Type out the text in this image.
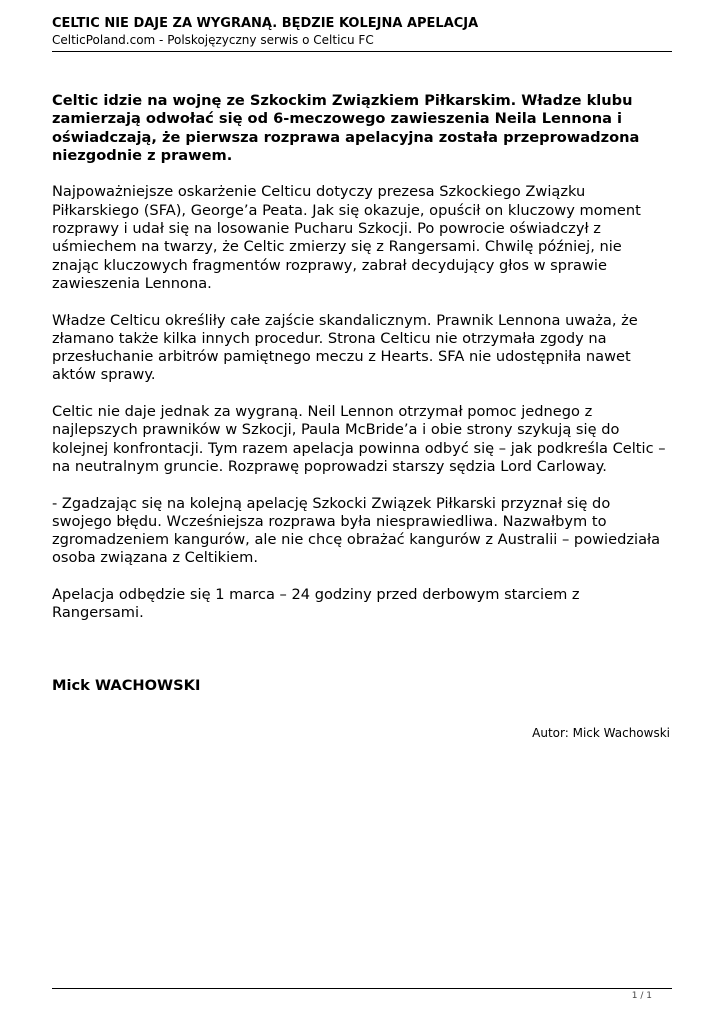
CELTIC NIE DAJE ZA WYGRANĄ. BĘDZIE KOLEJNA APELACJA
CelticPoland.com - Polskojęzyczny serwis o Celticu FC

Celtic idzie na wojnę ze Szkockim Związkiem Piłkarskim. Władze klubu zamierzają odwołać się od 6-meczowego zawieszenia Neila Lennona i oświadczają, że pierwsza rozprawa apelacyjna została przeprowadzona niezgodnie z prawem.

Najpoważniejsze oskarżenie Celticu dotyczy prezesa Szkockiego Związku Piłkarskiego (SFA), George’a Peata. Jak się okazuje, opuścił on kluczowy moment rozprawy i udał się na losowanie Pucharu Szkocji. Po powrocie oświadczył z uśmiechem na twarzy, że Celtic zmierzy się z Rangersami. Chwilę później, nie znając kluczowych fragmentów rozprawy, zabrał decydujący głos w sprawie zawieszenia Lennona.

Władze Celticu określiły całe zajście skandalicznym. Prawnik Lennona uważa, że złamano także kilka innych procedur. Strona Celticu nie otrzymała zgody na przesłuchanie arbitrów pamiętnego meczu z Hearts. SFA nie udostępniła nawet aktów sprawy.

Celtic nie daje jednak za wygraną. Neil Lennon otrzymał pomoc jednego z najlepszych prawników w Szkocji, Paula McBride’a i obie strony szykują się do kolejnej konfrontacji. Tym razem apelacja powinna odbyć się – jak podkreśla Celtic – na neutralnym gruncie. Rozprawę poprowadzi starszy sędzia Lord Carloway.

- Zgadzając się na kolejną apelację Szkocki Związek Piłkarski przyznał się do swojego błędu. Wcześniejsza rozprawa była niesprawiedliwa. Nazwałbym to zgromadzeniem kangurów, ale nie chcę obrażać kangurów z Australii – powiedziała osoba związana z Celtikiem.

Apelacja odbędzie się 1 marca – 24 godziny przed derbowym starciem z Rangersami.

Mick WACHOWSKI
Autor: Mick Wachowski
1 / 1
